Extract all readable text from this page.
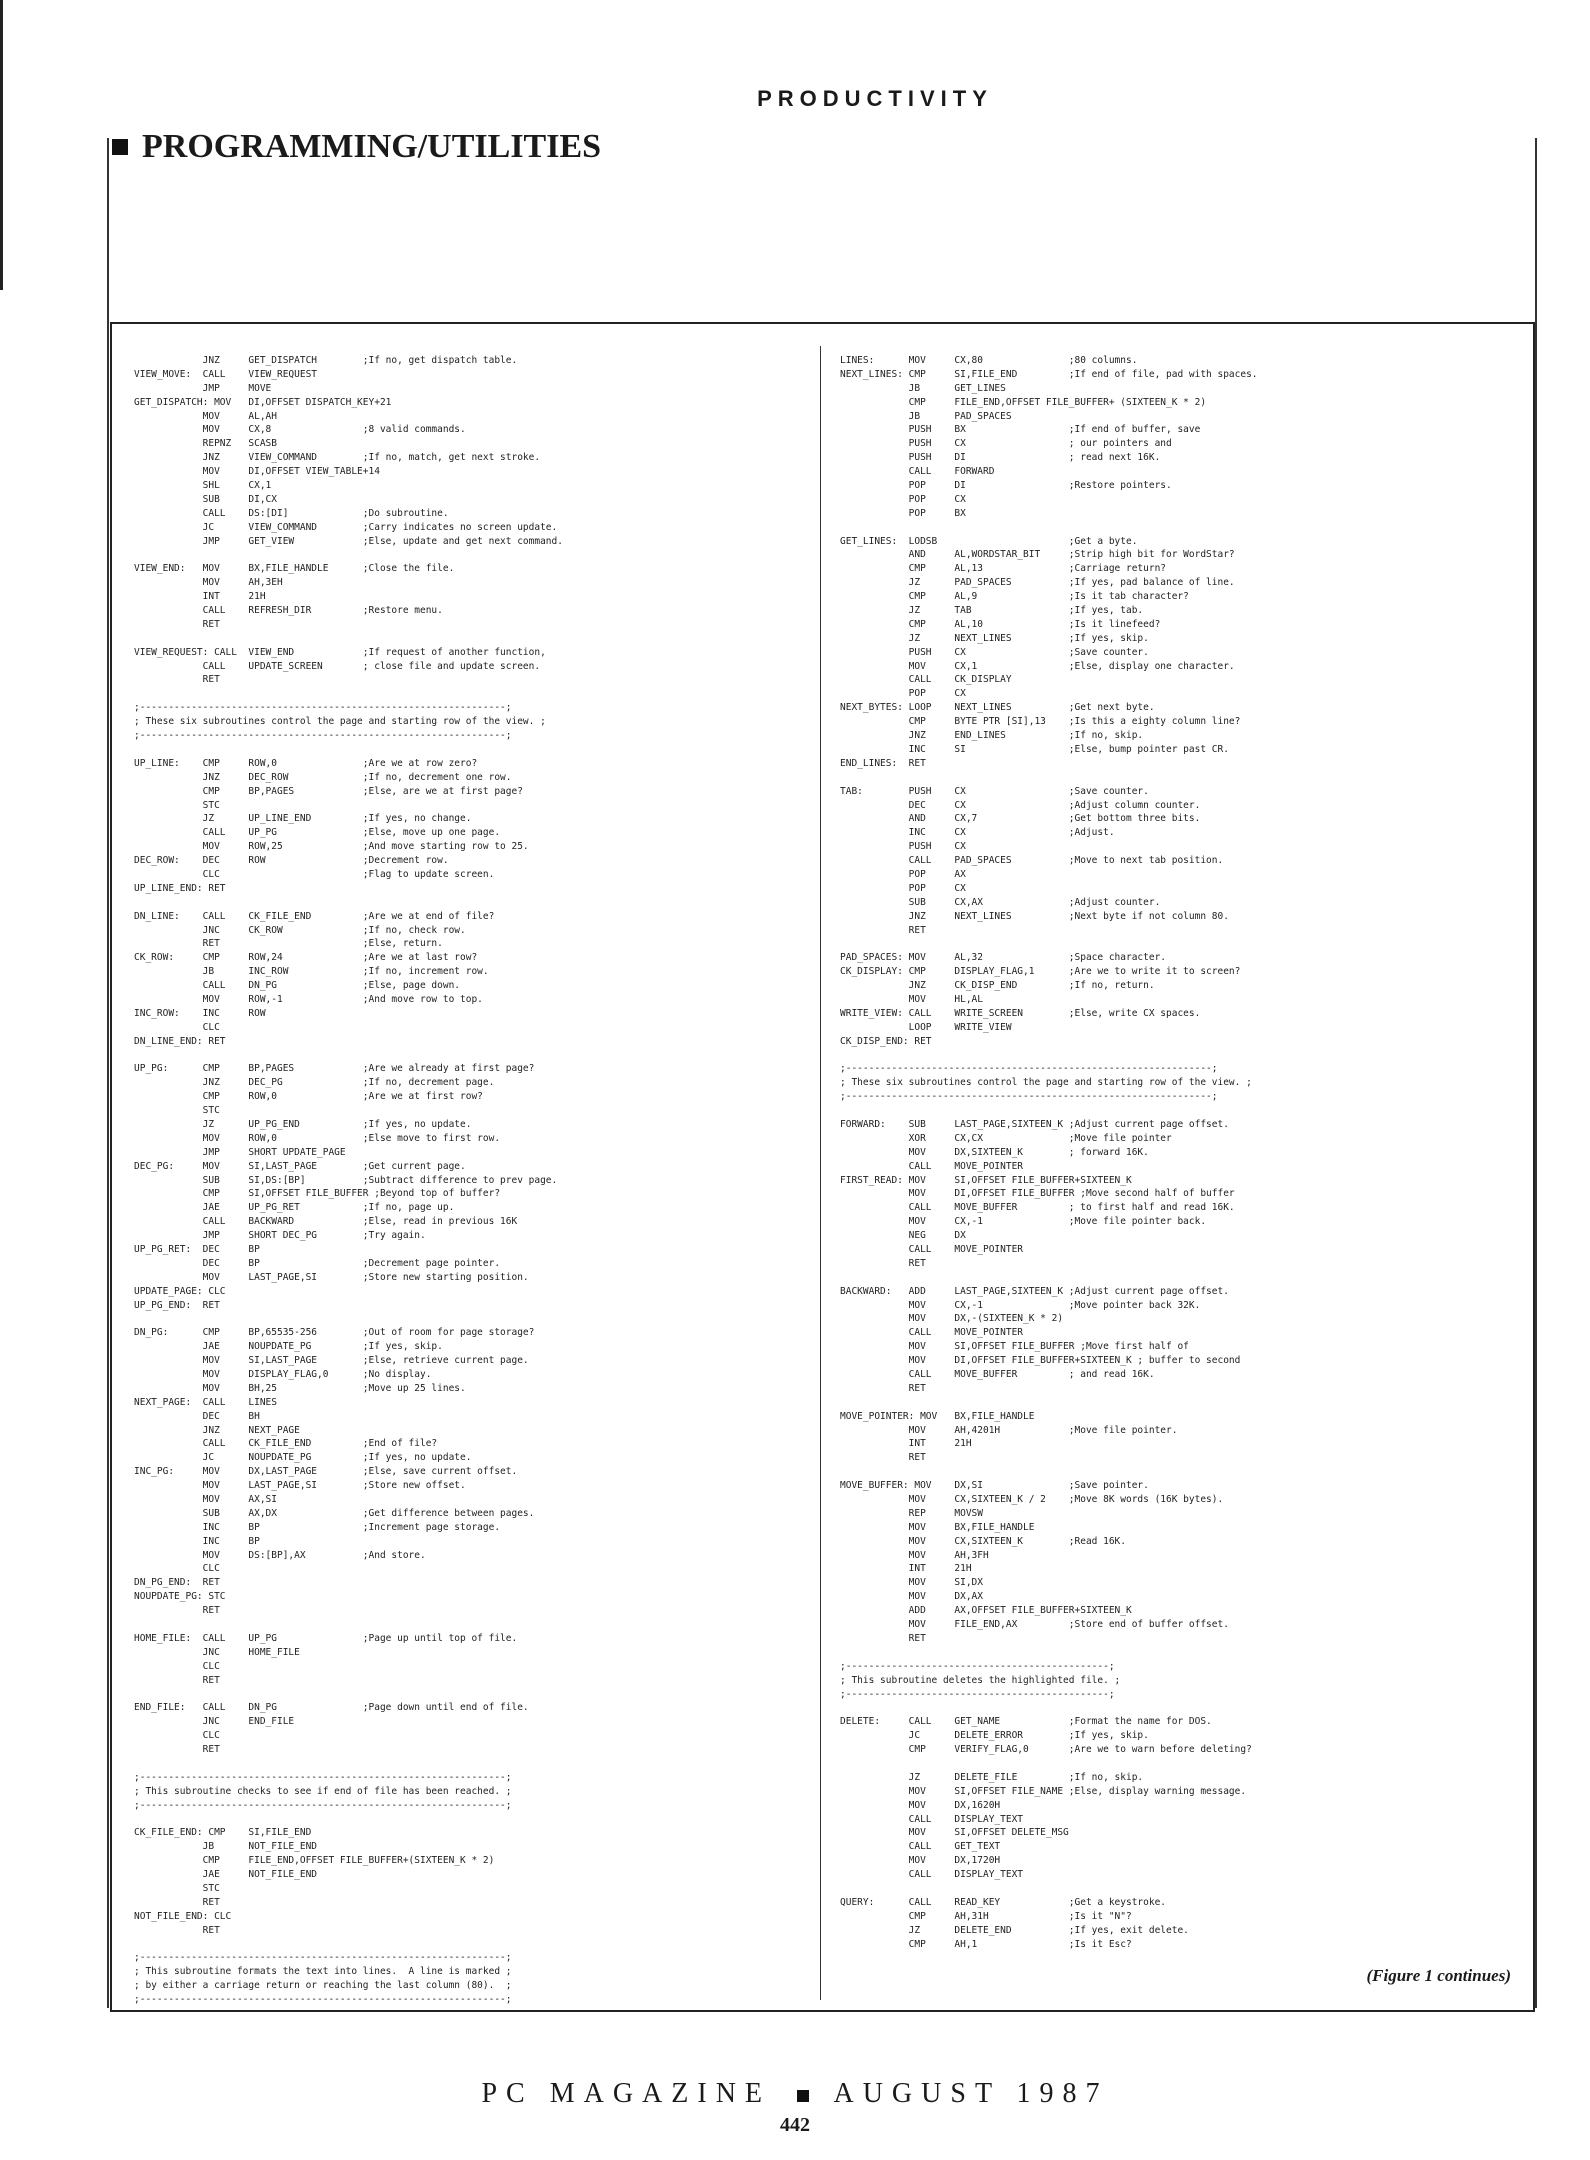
PRODUCTIVITY
PROGRAMMING/UTILITIES
JNZ     GET_DISPATCH        ;If no, get dispatch table.
VIEW_MOVE:  CALL    VIEW_REQUEST
JMP     MOVE
GET_DISPATCH: MOV   DI,OFFSET DISPATCH_KEY+21
MOV     AL,AH
MOV     CX,8                ;8 valid commands.
REPNZ   SCASB
JNZ     VIEW_COMMAND        ;If no, match, get next stroke.
MOV     DI,OFFSET VIEW_TABLE+14
SHL     CX,1
SUB     DI,CX
CALL    DS:[DI]             ;Do subroutine.
JC      VIEW_COMMAND        ;Carry indicates no screen update.
JMP     GET_VIEW            ;Else, update and get next command.

VIEW_END:   MOV     BX,FILE_HANDLE      ;Close the file.
MOV     AH,3EH
INT     21H
CALL    REFRESH_DIR         ;Restore menu.
RET

VIEW_REQUEST: CALL  VIEW_END            ;If request of another function,
CALL    UPDATE_SCREEN       ; close file and update screen.
RET

;----------------------------------------------------------------;
; These six subroutines control the page and starting row of the view. ;
;----------------------------------------------------------------;

UP_LINE:    CMP     ROW,0               ;Are we at row zero?
JNZ     DEC_ROW             ;If no, decrement one row.
CMP     BP,PAGES            ;Else, are we at first page?
STC
JZ      UP_LINE_END         ;If yes, no change.
CALL    UP_PG               ;Else, move up one page.
MOV     ROW,25              ;And move starting row to 25.
DEC_ROW:    DEC     ROW                 ;Decrement row.
CLC                         ;Flag to update screen.
UP_LINE_END: RET

DN_LINE:    CALL    CK_FILE_END         ;Are we at end of file?
JNC     CK_ROW              ;If no, check row.
RET                         ;Else, return.
CK_ROW:     CMP     ROW,24              ;Are we at last row?
JB      INC_ROW             ;If no, increment row.
CALL    DN_PG               ;Else, page down.
MOV     ROW,-1              ;And move row to top.
INC_ROW:    INC     ROW
CLC
DN_LINE_END: RET

UP_PG:      CMP     BP,PAGES            ;Are we already at first page?
JNZ     DEC_PG              ;If no, decrement page.
CMP     ROW,0               ;Are we at first row?
STC
JZ      UP_PG_END           ;If yes, no update.
MOV     ROW,0               ;Else move to first row.
JMP     SHORT UPDATE_PAGE
DEC_PG:     MOV     SI,LAST_PAGE        ;Get current page.
SUB     SI,DS:[BP]          ;Subtract difference to prev page.
CMP     SI,OFFSET FILE_BUFFER ;Beyond top of buffer?
JAE     UP_PG_RET           ;If no, page up.
CALL    BACKWARD            ;Else, read in previous 16K
JMP     SHORT DEC_PG        ;Try again.
UP_PG_RET:  DEC     BP
DEC     BP                  ;Decrement page pointer.
MOV     LAST_PAGE,SI        ;Store new starting position.
UPDATE_PAGE: CLC
UP_PG_END:  RET

DN_PG:      CMP     BP,65535-256        ;Out of room for page storage?
JAE     NOUPDATE_PG         ;If yes, skip.
MOV     SI,LAST_PAGE        ;Else, retrieve current page.
MOV     DISPLAY_FLAG,0      ;No display.
MOV     BH,25               ;Move up 25 lines.
NEXT_PAGE:  CALL    LINES
DEC     BH
JNZ     NEXT_PAGE
CALL    CK_FILE_END         ;End of file?
JC      NOUPDATE_PG         ;If yes, no update.
INC_PG:     MOV     DX,LAST_PAGE        ;Else, save current offset.
MOV     LAST_PAGE,SI        ;Store new offset.
MOV     AX,SI
SUB     AX,DX               ;Get difference between pages.
INC     BP                  ;Increment page storage.
INC     BP
MOV     DS:[BP],AX          ;And store.
CLC
DN_PG_END:  RET
NOUPDATE_PG: STC
RET

HOME_FILE:  CALL    UP_PG               ;Page up until top of file.
JNC     HOME_FILE
CLC
RET

END_FILE:   CALL    DN_PG               ;Page down until end of file.
JNC     END_FILE
CLC
RET

;----------------------------------------------------------------;
; This subroutine checks to see if end of file has been reached. ;
;----------------------------------------------------------------;

CK_FILE_END: CMP    SI,FILE_END
JB      NOT_FILE_END
CMP     FILE_END,OFFSET FILE_BUFFER+(SIXTEEN_K * 2)
JAE     NOT_FILE_END
STC
RET
NOT_FILE_END: CLC
RET

;----------------------------------------------------------------;
; This subroutine formats the text into lines.  A line is marked ;
; by either a carriage return or reaching the last column (80).  ;
;----------------------------------------------------------------;
LINES:      MOV     CX,80               ;80 columns.
NEXT_LINES: CMP     SI,FILE_END         ;If end of file, pad with spaces.
JB      GET_LINES
CMP     FILE_END,OFFSET FILE_BUFFER+ (SIXTEEN_K * 2)
JB      PAD_SPACES
PUSH    BX                  ;If end of buffer, save
PUSH    CX                  ; our pointers and
PUSH    DI                  ; read next 16K.
CALL    FORWARD
POP     DI                  ;Restore pointers.
POP     CX
POP     BX

GET_LINES:  LODSB                       ;Get a byte.
AND     AL,WORDSTAR_BIT     ;Strip high bit for WordStar?
CMP     AL,13               ;Carriage return?
JZ      PAD_SPACES          ;If yes, pad balance of line.
CMP     AL,9                ;Is it tab character?
JZ      TAB                 ;If yes, tab.
CMP     AL,10               ;Is it linefeed?
JZ      NEXT_LINES          ;If yes, skip.
PUSH    CX                  ;Save counter.
MOV     CX,1                ;Else, display one character.
CALL    CK_DISPLAY
POP     CX
NEXT_BYTES: LOOP    NEXT_LINES          ;Get next byte.
CMP     BYTE PTR [SI],13    ;Is this a eighty column line?
JNZ     END_LINES           ;If no, skip.
INC     SI                  ;Else, bump pointer past CR.
END_LINES:  RET

TAB:        PUSH    CX                  ;Save counter.
DEC     CX                  ;Adjust column counter.
AND     CX,7                ;Get bottom three bits.
INC     CX                  ;Adjust.
PUSH    CX
CALL    PAD_SPACES          ;Move to next tab position.
POP     AX
POP     CX
SUB     CX,AX               ;Adjust counter.
JNZ     NEXT_LINES          ;Next byte if not column 80.
RET

PAD_SPACES: MOV     AL,32               ;Space character.
CK_DISPLAY: CMP     DISPLAY_FLAG,1      ;Are we to write it to screen?
JNZ     CK_DISP_END         ;If no, return.
MOV     HL,AL
WRITE_VIEW: CALL    WRITE_SCREEN        ;Else, write CX spaces.
LOOP    WRITE_VIEW
CK_DISP_END: RET

;----------------------------------------------------------------;
; These six subroutines control the page and starting row of the view. ;
;----------------------------------------------------------------;

FORWARD:    SUB     LAST_PAGE,SIXTEEN_K ;Adjust current page offset.
XOR     CX,CX               ;Move file pointer
MOV     DX,SIXTEEN_K        ; forward 16K.
CALL    MOVE_POINTER
FIRST_READ: MOV     SI,OFFSET FILE_BUFFER+SIXTEEN_K
MOV     DI,OFFSET FILE_BUFFER ;Move second half of buffer
CALL    MOVE_BUFFER         ; to first half and read 16K.
MOV     CX,-1               ;Move file pointer back.
NEG     DX
CALL    MOVE_POINTER
RET

BACKWARD:   ADD     LAST_PAGE,SIXTEEN_K ;Adjust current page offset.
MOV     CX,-1               ;Move pointer back 32K.
MOV     DX,-(SIXTEEN_K * 2)
CALL    MOVE_POINTER
MOV     SI,OFFSET FILE_BUFFER ;Move first half of
MOV     DI,OFFSET FILE_BUFFER+SIXTEEN_K ; buffer to second
CALL    MOVE_BUFFER         ; and read 16K.
RET

MOVE_POINTER: MOV   BX,FILE_HANDLE
MOV     AH,4201H            ;Move file pointer.
INT     21H
RET

MOVE_BUFFER: MOV    DX,SI               ;Save pointer.
MOV     CX,SIXTEEN_K / 2    ;Move 8K words (16K bytes).
REP     MOVSW
MOV     BX,FILE_HANDLE
MOV     CX,SIXTEEN_K        ;Read 16K.
MOV     AH,3FH
INT     21H
MOV     SI,DX
MOV     DX,AX
ADD     AX,OFFSET FILE_BUFFER+SIXTEEN_K
MOV     FILE_END,AX         ;Store end of buffer offset.
RET

;----------------------------------------------;
; This subroutine deletes the highlighted file. ;
;----------------------------------------------;

DELETE:     CALL    GET_NAME            ;Format the name for DOS.
JC      DELETE_ERROR        ;If yes, skip.
CMP     VERIFY_FLAG,0       ;Are we to warn before deleting?

JZ      DELETE_FILE         ;If no, skip.
MOV     SI,OFFSET FILE_NAME ;Else, display warning message.
MOV     DX,1620H
CALL    DISPLAY_TEXT
MOV     SI,OFFSET DELETE_MSG
CALL    GET_TEXT
MOV     DX,1720H
CALL    DISPLAY_TEXT

QUERY:      CALL    READ_KEY            ;Get a keystroke.
CMP     AH,31H              ;Is it "N"?
JZ      DELETE_END          ;If yes, exit delete.
CMP     AH,1                ;Is it Esc?
(Figure 1 continues)
PC MAGAZINE AUGUST 1987
442
